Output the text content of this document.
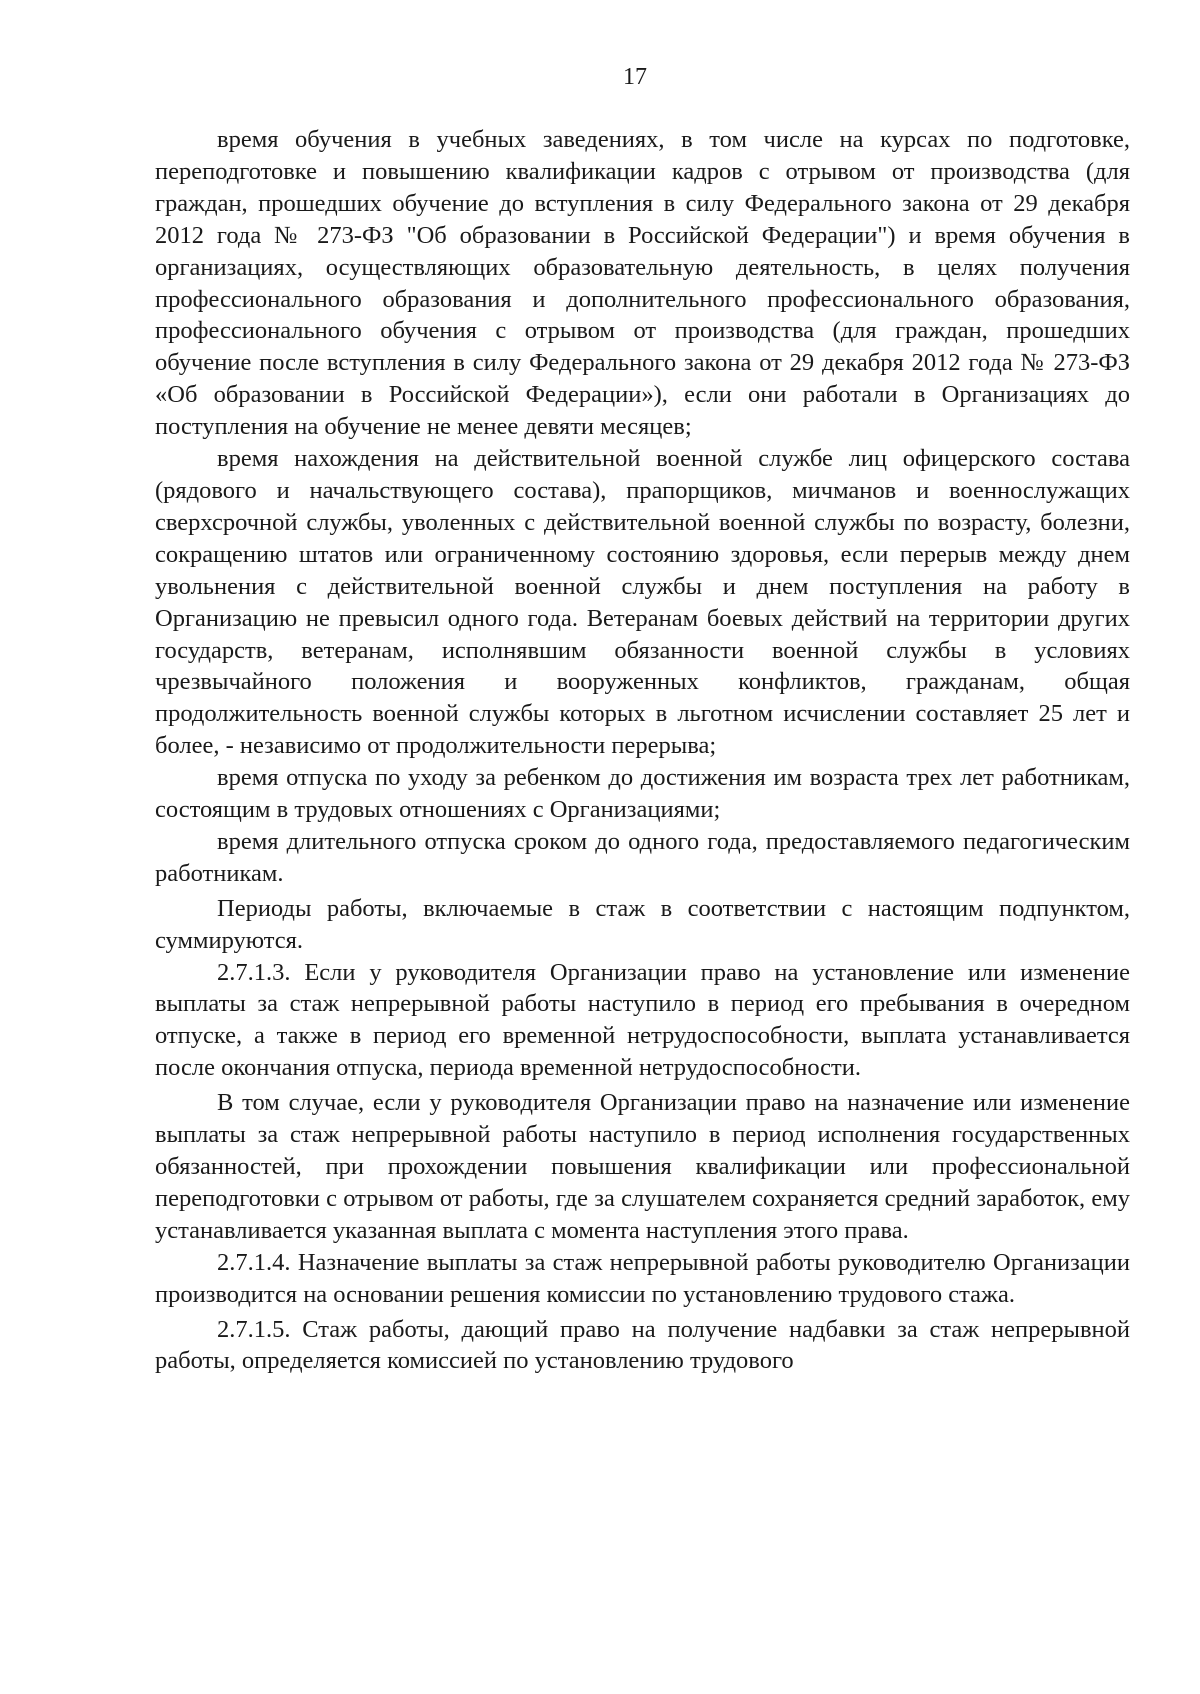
17

время обучения в учебных заведениях, в том числе на курсах по подготовке, переподготовке и повышению квалификации кадров с отрывом от производства (для граждан, прошедших обучение до вступления в силу Федерального закона от 29 декабря 2012 года № 273-ФЗ "Об образовании в Российской Федерации") и время обучения в организациях, осуществляющих образовательную деятельность, в целях получения профессионального образования и дополнительного профессионального образования, профессионального обучения с отрывом от производства (для граждан, прошедших обучение после вступления в силу Федерального закона от 29 декабря 2012 года № 273-ФЗ «Об образовании в Российской Федерации»), если они работали в Организациях до поступления на обучение не менее девяти месяцев;

время нахождения на действительной военной службе лиц офицерского состава (рядового и начальствующего состава), прапорщиков, мичманов и военнослужащих сверхсрочной службы, уволенных с действительной военной службы по возрасту, болезни, сокращению штатов или ограниченному состоянию здоровья, если перерыв между днем увольнения с действительной военной службы и днем поступления на работу в Организацию не превысил одного года. Ветеранам боевых действий на территории других государств, ветеранам, исполнявшим обязанности военной службы в условиях чрезвычайного положения и вооруженных конфликтов, гражданам, общая продолжительность военной службы которых в льготном исчислении составляет 25 лет и более, - независимо от продолжительности перерыва;

время отпуска по уходу за ребенком до достижения им возраста трех лет работникам, состоящим в трудовых отношениях с Организациями;

время длительного отпуска сроком до одного года, предоставляемого педагогическим работникам.

Периоды работы, включаемые в стаж в соответствии с настоящим подпунктом, суммируются.

2.7.1.3. Если у руководителя Организации право на установление или изменение выплаты за стаж непрерывной работы наступило в период его пребывания в очередном отпуске, а также в период его временной нетрудоспособности, выплата устанавливается после окончания отпуска, периода временной нетрудоспособности.

В том случае, если у руководителя Организации право на назначение или изменение выплаты за стаж непрерывной работы наступило в период исполнения государственных обязанностей, при прохождении повышения квалификации или профессиональной переподготовки с отрывом от работы, где за слушателем сохраняется средний заработок, ему устанавливается указанная выплата с момента наступления этого права.

2.7.1.4. Назначение выплаты за стаж непрерывной работы руководителю Организации производится на основании решения комиссии по установлению трудового стажа.

2.7.1.5. Стаж работы, дающий право на получение надбавки за стаж непрерывной работы, определяется комиссией по установлению трудового
